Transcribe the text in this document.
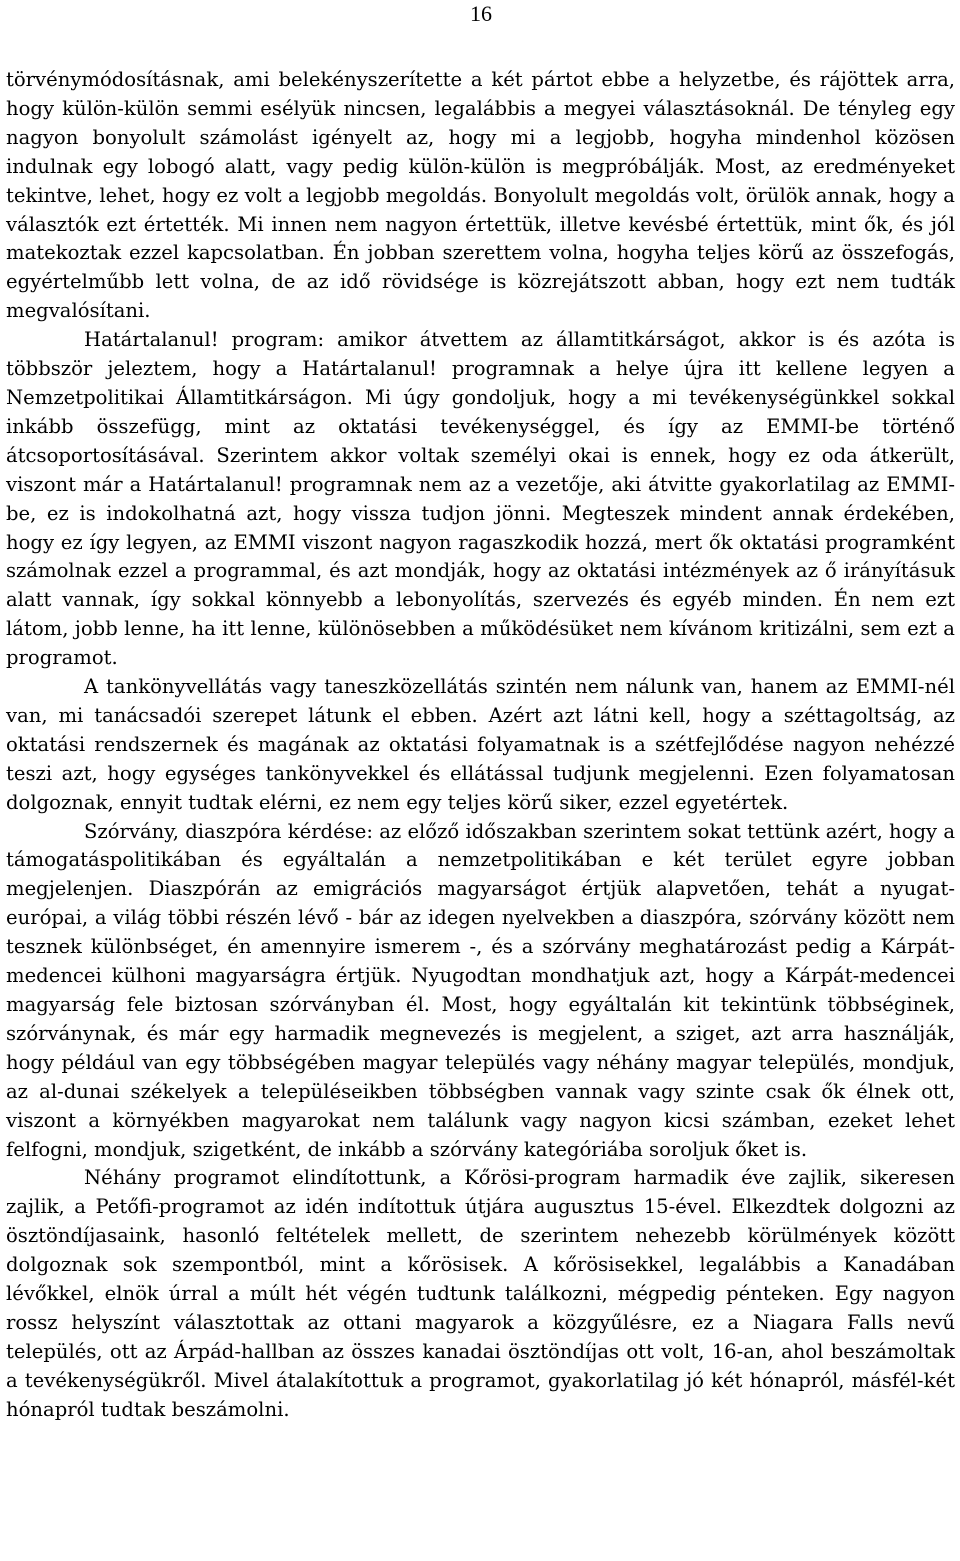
16

törvénymódosításnak, ami belekényszerítette a két pártot ebbe a helyzetbe, és rájöttek arra, hogy külön-külön semmi esélyük nincsen, legalábbis a megyei választásoknál. De tényleg egy nagyon bonyolult számolást igényelt az, hogy mi a legjobb, hogyha mindenhol közösen indulnak egy lobogó alatt, vagy pedig külön-külön is megpróbálják. Most, az eredményeket tekintve, lehet, hogy ez volt a legjobb megoldás. Bonyolult megoldás volt, örülök annak, hogy a választók ezt értették. Mi innen nem nagyon értettük, illetve kevésbé értettük, mint ők, és jól matekoztak ezzel kapcsolatban. Én jobban szerettem volna, hogyha teljes körű az összefogás, egyértelműbb lett volna, de az idő rövidsége is közrejátszott abban, hogy ezt nem tudták megvalósítani.

Határtalanul! program: amikor átvettem az államtitkárságot, akkor is és azóta is többször jeleztem, hogy a Határtalanul! programnak a helye újra itt kellene legyen a Nemzetpolitikai Államtitkárságon. Mi úgy gondoljuk, hogy a mi tevékenységünkkel sokkal inkább összefügg, mint az oktatási tevékenységgel, és így az EMMI-be történő átcsoportosításával. Szerintem akkor voltak személyi okai is ennek, hogy ez oda átkerült, viszont már a Határtalanul! programnak nem az a vezetője, aki átvitte gyakorlatilag az EMMI-be, ez is indokolhatná azt, hogy vissza tudjon jönni. Megteszek mindent annak érdekében, hogy ez így legyen, az EMMI viszont nagyon ragaszkodik hozzá, mert ők oktatási programként számolnak ezzel a programmal, és azt mondják, hogy az oktatási intézmények az ő irányításuk alatt vannak, így sokkal könnyebb a lebonyolítás, szervezés és egyéb minden. Én nem ezt látom, jobb lenne, ha itt lenne, különösebben a működésüket nem kívánom kritizálni, sem ezt a programot.

A tankönyvellátás vagy taneszközellátás szintén nem nálunk van, hanem az EMMI-nél van, mi tanácsadói szerepet látunk el ebben. Azért azt látni kell, hogy a széttagoltság, az oktatási rendszernek és magának az oktatási folyamatnak is a szétfejlődése nagyon nehézzé teszi azt, hogy egységes tankönyvekkel és ellátással tudjunk megjelenni. Ezen folyamatosan dolgoznak, ennyit tudtak elérni, ez nem egy teljes körű siker, ezzel egyetértek.

Szórvány, diaszpóra kérdése: az előző időszakban szerintem sokat tettünk azért, hogy a támogatáspolitikában és egyáltalán a nemzetpolitikában e két terület egyre jobban megjelenjen. Diaszpórán az emigrációs magyarságot értjük alapvetően, tehát a nyugat-európai, a világ többi részén lévő - bár az idegen nyelvekben a diaszpóra, szórvány között nem tesznek különbséget, én amennyire ismerem -, és a szórvány meghatározást pedig a Kárpát-medencei külhoni magyarságra értjük. Nyugodtan mondhatjuk azt, hogy a Kárpát-medencei magyarság fele biztosan szórványban él. Most, hogy egyáltalán kit tekintünk többséginek, szórványnak, és már egy harmadik megnevezés is megjelent, a sziget, azt arra használják, hogy például van egy többségében magyar település vagy néhány magyar település, mondjuk, az al-dunai székelyek a településeikben többségben vannak vagy szinte csak ők élnek ott, viszont a környékben magyarokat nem találunk vagy nagyon kicsi számban, ezeket lehet felfogni, mondjuk, szigetként, de inkább a szórvány kategóriába soroljuk őket is.

Néhány programot elindítottunk, a Kőrösi-program harmadik éve zajlik, sikeresen zajlik, a Petőfi-programot az idén indítottuk útjára augusztus 15-ével. Elkezdtek dolgozni az ösztöndíjasaink, hasonló feltételek mellett, de szerintem nehezebb körülmények között dolgoznak sok szempontból, mint a kőrösisek. A kőrösisekkel, legalábbis a Kanadában lévőkkel, elnök úrral a múlt hét végén tudtunk találkozni, mégpedig pénteken. Egy nagyon rossz helyszínt választottak az ottani magyarok a közgyűlésre, ez a Niagara Falls nevű település, ott az Árpád-hallban az összes kanadai ösztöndíjas ott volt, 16-an, ahol beszámoltak a tevékenységükről. Mivel átalakítottuk a programot, gyakorlatilag jó két hónapról, másfél-két hónapról tudtak beszámolni.
